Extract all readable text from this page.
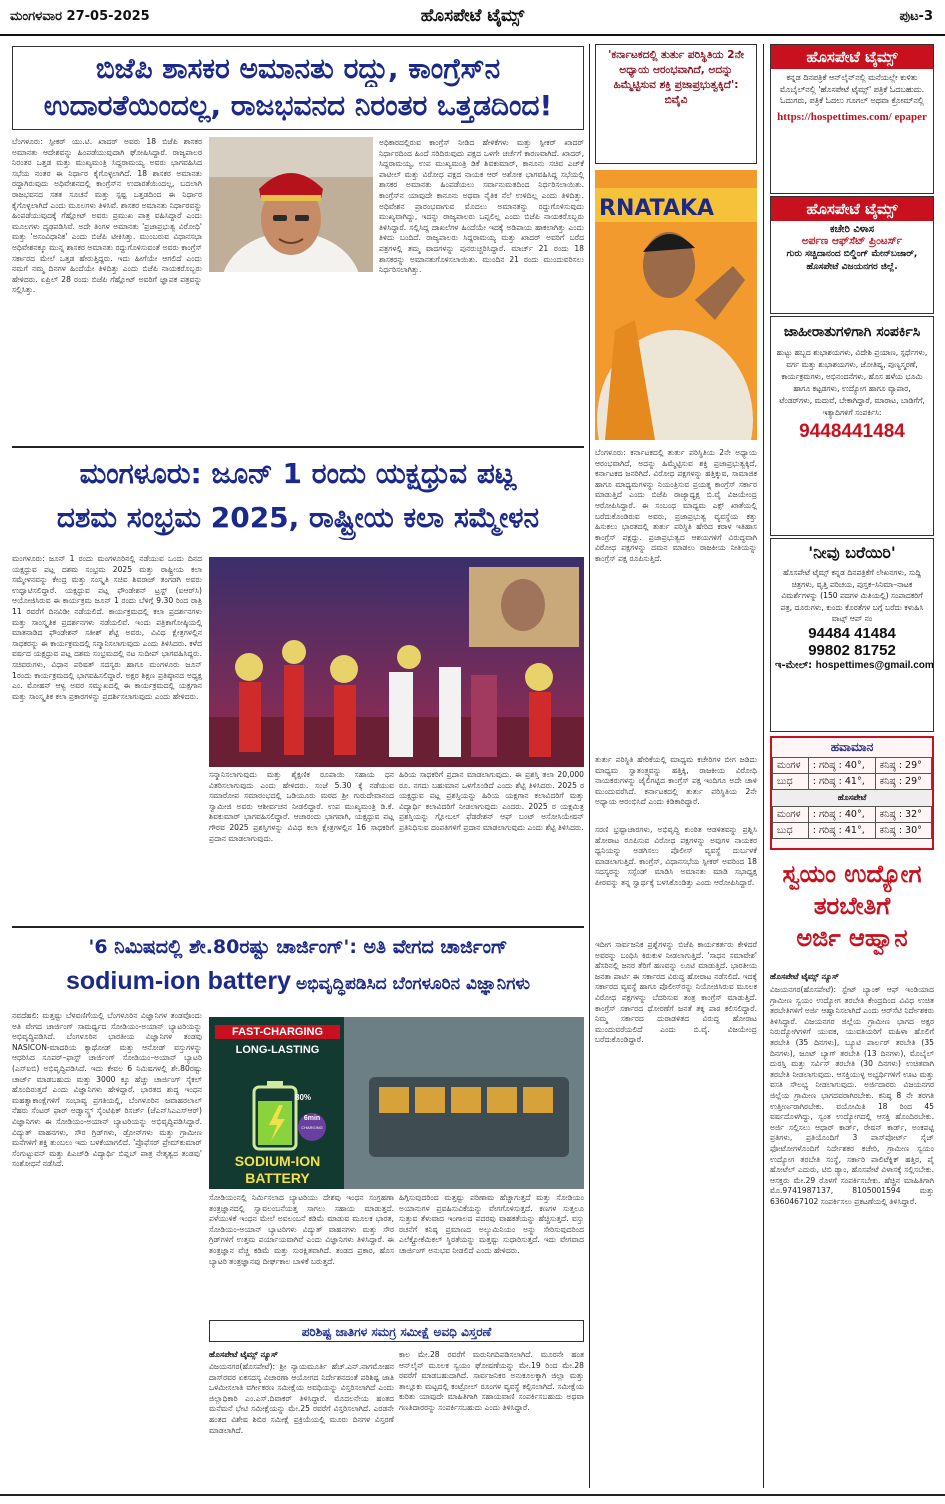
ಮಂಗಳವಾರ 27-05-2025	ಹೊಸಪೇಟೆ ಟೈಮ್ಸ್	ಪುಟ-3
ಬಿಜೆಪಿ ಶಾಸಕರ ಅಮಾನತು ರದ್ದು, ಕಾಂಗ್ರೆಸ್‌ನ
ಉದಾರತೆಯಿಂದಲ್ಲ, ರಾಜಭವನದ ನಿರಂತರ ಒತ್ತಡದಿಂದ!
ಬೆಂಗಳೂರು: ಸ್ಪೀಕರ್ ಯು.ಟಿ. ಖಾದರ್ ಅವರು 18 ಬಿಜೆಪಿ ಶಾಸಕರ ಅಮಾನತು ಆದೇಶವನ್ನು ಹಿಂಪಡೆಯುವುದಾಗಿ ಘೋಷಿಸಿದ್ದಾರೆ. ರಾಜ್ಯಪಾಲರ ನಿರಂತರ ಒತ್ತಡ ಮತ್ತು ಮುಖ್ಯಮಂತ್ರಿ ಸಿದ್ದರಾಮಯ್ಯ ಅವರು ಭಾಗವಹಿಸಿದ ಸಭೆಯ ನಂತರ ಈ ನಿರ್ಧಾರ ಕೈಗೊಳ್ಳಲಾಗಿದೆ. 18 ಶಾಸಕರ ಅಮಾನತು ರದ್ದಾಗಿರುವುದು ಅಧಿವೇಶನದಲ್ಲಿ ಕಾಂಗ್ರೆಸ್‌ನ ಉದಾರತೆಯಿಂದಲ್ಲ, ಬದಲಾಗಿ ರಾಜಭವನದ ಸತತ ಸೂಚನೆ ಮತ್ತು ಸ್ಪಷ್ಟ ಒತ್ತಡದಿಂದ ಈ ನಿರ್ಧಾರ ಕೈಗೊಳ್ಳಲಾಗಿದೆ ಎಂದು ಮೂಲಗಳು ತಿಳಿಸಿವೆ. ಶಾಸಕರ ಅಮಾನತು ನಿರ್ಧಾರವನ್ನು ಹಿಂಪಡೆಯುವುದಕ್ಕೆ ಗೆಹ್ಲೋಟ್ ಅವರು ಪ್ರಮುಖ ಪಾತ್ರ ವಹಿಸಿದ್ದಾರೆ ಎಂದು ಮೂಲಗಳು ದೃಢಪಡಿಸಿವೆ. ಅದೇ ತಿಂಗಳ ಅಮಾನತು 'ಪ್ರಜಾಪ್ರಭುತ್ವ ವಿರೋಧಿ' ಮತ್ತು 'ಅಸಂವಿಧಾನಿಕ' ಎಂದು ಬಿಜೆಪಿ ಟೀಕಿಸಿತ್ತು. ಮುಂಬರುವ ವಿಧಾನಸಭಾ ಅಧಿವೇಶನಕ್ಕೂ ಮುನ್ನ ಶಾಸಕರ ಅಮಾನತು ರದ್ದುಗೊಳಿಸುವಂತೆ ಅವರು ಕಾಂಗ್ರೆಸ್ ಸರ್ಕಾರದ ಮೇಲೆ ಒತ್ತಡ ಹೇರುತ್ತಿದ್ದರು. ಇದು ಹೀಗೆಯೇ ಆಗಲಿದೆ ಎಂದು ನಮಗೆ ನಮ್ಮ ದಿನಗಳ ಹಿಂದೆಯೇ ತಿಳಿದಿತ್ತು ಎಂದು ಬಿಜೆಪಿ ನಾಯಕರೊಬ್ಬರು ಹೇಳಿದರು. ಏಪ್ರಿಲ್ 28 ರಂದು ಬಿಜೆಪಿ ಗೆಹ್ಲೋಟ್ ಅವರಿಗೆ ಜ್ಞಾಪಕ ಪತ್ರವನ್ನು ಸಲ್ಲಿಸಿತ್ತು.
ಅಧಿಕಾರದಲ್ಲಿರುವ ಕಾಂಗ್ರೆಸ್ ನೀಡಿದ ಹೇಳಿಕೆಗಳು ಮತ್ತು ಸ್ಪೀಕರ್ ಖಾದರ್ ನಿರ್ಧಾರದಿಂದ ಹಿಂದೆ ಸರಿದಿರುವುದು ಪಕ್ಷದ ಒಳಗೇ ಚರ್ಚೆಗೆ ಕಾರಣವಾಗಿದೆ. ಖಾದರ್, ಸಿದ್ದರಾಮಯ್ಯ, ಉಪ ಮುಖ್ಯಮಂತ್ರಿ ಡಿಕೆ ಶಿವಕುಮಾರ್, ಕಾನೂನು ಸಚಿವ ಎಚ್‌ಕೆ ಪಾಟೀಲ್ ಮತ್ತು ವಿರೋಧ ಪಕ್ಷದ ನಾಯಕ ಆರ್ ಅಶೋಕ ಭಾಗವಹಿಸಿದ್ದ ಸಭೆಯಲ್ಲಿ ಶಾಸಕರ ಅಮಾನತು ಹಿಂಪಡೆಯಲು ಸರ್ವಾನುಮತದಿಂದ ನಿರ್ಧರಿಸಲಾಯಿತು. ಕಾಂಗ್ರೆಸ್‌ನ ಯಾವುದೇ ಕಾನೂನು ಅಥವಾ ನೈತಿಕ ನೆಲೆ ಉಳಿದಿಲ್ಲ ಎಂದು ತಿಳಿದಿತ್ತು. ಅಧಿವೇಶನ ಪ್ರಾರಂಭವಾಗುವ ಮೊದಲು ಅಮಾನತನ್ನು ರದ್ದುಗೊಳಿಸುವುದು ಮುಖ್ಯವಾಗಿದ್ದು, ಇದನ್ನು ರಾಜ್ಯಪಾಲರು ಒಪ್ಪಲಿಲ್ಲ ಎಂದು ಬಿಜೆಪಿ ನಾಯಕರೊಬ್ಬರು ತಿಳಿಸಿದ್ದಾರೆ. ಸಲ್ಲಿಸಿದ್ದ ದಾಖಲೆಗಳ ಹಿಂದೆಯೇ ಇದಕ್ಕೆ ಅಡಿಪಾಯ ಹಾಕಲಾಗಿತ್ತು ಎಂದು ತಿಳಿದು ಬಂದಿದೆ. ರಾಜ್ಯಪಾಲರು ಸಿದ್ದರಾಮಯ್ಯ ಮತ್ತು ಖಾದರ್ ಅವರಿಗೆ ಬರೆದ ಪತ್ರಗಳಲ್ಲಿ ತಮ್ಮ ವಾದಗಳನ್ನು ಪುನರುಚ್ಚರಿಸಿದ್ದಾರೆ. ಮಾರ್ಚ್ 21 ರಂದು 18 ಶಾಸಕರನ್ನು ಅಮಾನತುಗೊಳಿಸಲಾಯಿತು. ಮುಂದಿನ 21 ರಂದು ಮುಂದುವರಿಸಲು ನಿರ್ಧರಿಸಲಾಗಿತ್ತು.
'ಕರ್ನಾಟಕದಲ್ಲಿ ತುರ್ತು ಪರಿಸ್ಥಿತಿಯ 2ನೇ ಅಧ್ಯಾಯ ಆರಂಭವಾಗಿದೆ, ಅದನ್ನು ಹಿಮ್ಮೆಟ್ಟಿಸುವ ಶಕ್ತಿ ಪ್ರಜಾಪ್ರಭುತ್ವಕ್ಕಿದೆ': ಬಿವೈವಿ
RNATAKA
ಬೆಂಗಳೂರು: ಕರ್ನಾಟಕದಲ್ಲಿ ತುರ್ತು ಪರಿಸ್ಥಿತಿಯ 2ನೇ ಅಧ್ಯಾಯ ಆರಂಭವಾಗಿದೆ, ಅದನ್ನು ಹಿಮ್ಮೆಟ್ಟಿಸುವ ಶಕ್ತಿ ಪ್ರಜಾಪ್ರಭುತ್ವಕ್ಕಿದೆ, ಕರ್ನಾಟಕದ ಜನರಿಗಿದೆ. ವಿರೋಧ ಪಕ್ಷಗಳನ್ನು ಹತ್ತಿಕ್ಕುವ, ಸಾಮಾಜಿಕ ಹಾಗೂ ಮಾಧ್ಯಮಗಳನ್ನು ನಿಯಂತ್ರಿಸುವ ಪ್ರಯತ್ನ ಕಾಂಗ್ರೆಸ್ ಸರ್ಕಾರ ಮಾಡುತ್ತಿದೆ ಎಂದು ಬಿಜೆಪಿ ರಾಜ್ಯಾಧ್ಯಕ್ಷ ಬಿ.ವೈ ವಿಜಯೇಂದ್ರ ಆರೋಪಿಸಿದ್ದಾರೆ. ಈ ಸಂಬಂಧ ಮಾಧ್ಯಮ ಎಕ್ಸ್ ಖಾತೆಯಲ್ಲಿ ಬರೆದುಕೊಂಡಿರುವ ಅವರು, ಪ್ರಜಾಪ್ರಭುತ್ವ ವ್ಯವಸ್ಥೆಯ ಕತ್ತು ಹಿಸುಕಲು ಭಾರತದಲ್ಲಿ ತುರ್ತು ಪರಿಸ್ಥಿತಿ ಹೇರಿದ ಕರಾಳ ಇತಿಹಾಸ ಕಾಂಗ್ರೆಸ್ ಪಕ್ಷದ್ದು. ಪ್ರಜಾಪ್ರಭುತ್ವದ ಆಶಯಗಳಿಗೆ ವಿರುದ್ಧವಾಗಿ ವಿರೋಧ ಪಕ್ಷಗಳನ್ನು ದಮನ ಮಾಡಲು ರಾಜಕೀಯ ನೀತಿಯನ್ನು ಕಾಂಗ್ರೆಸ್ ಪಕ್ಷ ರೂಪಿಸುತ್ತಿದೆ.
ತುರ್ತು ಪರಿಸ್ಥಿತಿ ಹೇರಿಕೆಯಲ್ಲಿ ಮಾಧ್ಯಮ ಕಚೇರಿಗಳ ಬೀಗ ಜಡಿದು ಮಾಧ್ಯಮ ಸ್ವಾತಂತ್ರ್ಯವನ್ನು ಹತ್ತಿಕ್ಕಿ, ರಾಜಕೀಯ ವಿರೋಧಿ ನಾಯಕರುಗಳನ್ನು ಜೈಲಿಗಟ್ಟಿದ ಕಾಂಗ್ರೆಸ್ ಪಕ್ಷ ಇಂದಿಗೂ ಅದೇ ಚಾಳಿ ಮುಂದುವರೆಸಿದೆ. ಕರ್ನಾಟಕದಲ್ಲಿ ತುರ್ತು ಪರಿಸ್ಥಿತಿಯ 2ನೇ ಅಧ್ಯಾಯ ಆರಂಭಿಸಿದೆ ಎಂದು ಕಿಡಿಕಾರಿದ್ದಾರೆ.
ಸರಣಿ ಭ್ರಷ್ಟಾಚಾರಗಳು, ಅಭಿವೃದ್ಧಿ ಕುಂಠಿತ ಆಡಳಿತವನ್ನು ಪ್ರಶ್ನಿಸಿ ಹೋರಾಟ ರೂಪಿಸುವ ವಿರೋಧ ಪಕ್ಷಗಳನ್ನು ಅವುಗಳ ನಾಯಕರ ಧ್ವನಿಯನ್ನು ಅಡಗಿಸಲು ಪೊಲೀಸ್ ವ್ಯವಸ್ಥೆ ದುರ್ಬಳಕೆ ಮಾಡಲಾಗುತ್ತಿದೆ. ಕಾಂಗ್ರೆಸ್, ವಿಧಾನಸಭೆಯ ಸ್ಪೀಕರ್ ಅವರಿಂದ 18 ಸದಸ್ಯರನ್ನು ಸಸ್ಪೆಂಡ್ ಮಾಡಿಸಿ ಅಮಾನತು ಮಾಡಿ ಸಭಾಧ್ಯಕ್ಷ ಪೀಠವನ್ನು ತನ್ನ ಸ್ವಾರ್ಥಕ್ಕೆ ಬಳಸಿಕೊಂಡಿತ್ತು ಎಂದು ಆರೋಪಿಸಿದ್ದಾರೆ.
ಇದೀಗ ಸಾರ್ವಜನಿಕ ಪ್ರಶ್ನೆಗಳನ್ನು ಬಿಜೆಪಿ ಕಾರ್ಯಕರ್ತರು ಕೇಳಿದರೆ ಅವರನ್ನು ಬಂಧಿಸಿ ಕಿರುಕುಳ ನೀಡಲಾಗುತ್ತಿದೆ. 'ಸಾಧನ ಸಮಾವೇಶ' ಹೆಸರಿನಲ್ಲಿ ಜನರ ತೆರಿಗೆ ಹಣವನ್ನು ಲೂಟಿ ಮಾಡುತ್ತಿದೆ. ಭಾರತೀಯ ಜನತಾ ಪಾರ್ಟಿ ಈ ಸರ್ಕಾರದ ವಿರುದ್ಧ ಹೋರಾಟ ನಡೆಸಲಿದೆ. ಇದಕ್ಕೆ ಸರ್ಕಾರದ ವ್ಯವಸ್ಥೆ ಹಾಗೂ ಪೊಲೀಸ್‌ರನ್ನು ನಿಯೋಜಿಸಿರುವ ಮೂಲಕ ವಿರೋಧ ಪಕ್ಷಗಳನ್ನು ಬೆದರಿಸುವ ತಂತ್ರ ಕಾಂಗ್ರೆಸ್ ಮಾಡುತ್ತಿದೆ. ಕಾಂಗ್ರೆಸ್ ಸರ್ಕಾರದ ಧೋರಣೆಗೆ ಜನತೆ ತಕ್ಕ ಪಾಠ ಕಲಿಸಲಿದ್ದಾರೆ. ನಿಮ್ಮ ಸರ್ಕಾರದ ದುರಾಡಳಿತದ ವಿರುದ್ಧ ಹೋರಾಟ ಮುಂದುವರೆಯಲಿದೆ ಎಂದು ಬಿ.ವೈ. ವಿಜಯೇಂದ್ರ ಬರೆದುಕೊಂಡಿದ್ದಾರೆ.
ಹೊಸಪೇಟೆ ಟೈಮ್ಸ್
ಕನ್ನಡ ದಿನಪತ್ರಿಕೆ ಆನ್‌ಲೈನ್‌ನಲ್ಲಿ ಮನೆಯಲ್ಲೇ ಕುಳಿತು ಮೊಬೈಲ್‌ನಲ್ಲಿ 'ಹೊಸಪೇಟೆ ಟೈಮ್ಸ್' ಪತ್ರಿಕೆ ಓದಬಹುದು. ಓದುಗರು, ಪತ್ರಿಕೆ ಓದಲು ಗೂಗಲ್ ಅಥವಾ ಕ್ರೋಮ್‌ನಲ್ಲಿ
https://hospettimes.com/ epaper
ಹೊಸಪೇಟೆ ಟೈಮ್ಸ್
ಕಚೇರಿ ವಿಳಾಸ
ಅರ್ಪಣ ಆಫ್‌ಸೆಟ್ ಪ್ರಿಂಟರ್ಸ್
ಗುರು ಸಚ್ಚಿದಾನಂದ ಬಿಲ್ಡಿಂಗ್ ಮೇನ್‌ಬಜಾರ್, ಹೊಸಪೇಟೆ ವಿಜಯನಗರ ಜಿಲ್ಲೆ.
ಜಾಹೀರಾತುಗಳಿಗಾಗಿ ಸಂಪರ್ಕಿಸಿ
ಹುಟ್ಟು ಹಬ್ಬದ ಶುಭಾಶಯಗಳು, ವಿದೇಶಿ ಪ್ರಯಾಣ, ಸ್ಪರ್ಧೆಗಳು, ವರ್ಗ ಮತ್ತು ಶುಭಾಶಯಗಳು, ಜೋತಿಷ್ಯ, ಪುಣ್ಯಸ್ಮರಣೆ, ಕಾರ್ಯಕ್ರಮಗಳು, ಅಭಿನಂದನೆಗಳು, ಹೊಸ ಹಳೆಯ ಭೂಮಿ ಹಾಗೂ ಕಟ್ಟಡಗಳು, ಉದ್ಯೋಗ ಹಾಗೂ ವ್ಯಾಪಾರ, ಟೆಂಡರ್‌ಗಳು, ಮದುವೆ, ಬೇಕಾಗಿದ್ದಾರೆ, ಮಾರಾಟ, ಬಾಡಿಗೆಗೆ, ಇತ್ಯಾದಿಗಳಿಗೆ ಸಂಪರ್ಕಿಸಿ:
9448441484
'ನೀವು ಬರೆಯಿರಿ'
ಹೊಸಪೇಟೆ ಟೈಮ್ಸ್ ಕನ್ನಡ ದಿನಪತ್ರಿಕೆಗೆ ಲೇಖನಗಳು, ಸುದ್ದಿ ಚಿತ್ರಗಳು, ವೃತ್ತಿ ಪರಿಚಯ, ಪುಸ್ತಕ–ಸಿನಿಮಾ–ನಾಟಕ ವಿಮರ್ಶೆಗಳನ್ನು (150 ಪದಗಳ ಮಿತಿಯಲ್ಲಿ) ಸಂಪಾದಕರಿಗೆ ಪತ್ರ, ದೂರುಗಳು, ಕುಂದು ಕೊರತೆಗಳ ಬಗ್ಗೆ ಬರೆದು ಕಳುಹಿಸಿ ವಾಟ್ಸ್ ಆಪ್ ನಂ
94484 41484
99802 81752
ಇ-ಮೇಲ್: hospettimes@gmail.com
ಹವಾಮಾನ
ಮಂಗಳ	: ಗರಿಷ್ಠ : 40°,	ಕನಿಷ್ಠ : 29°
ಬುಧ	: ಗರಿಷ್ಠ : 41°,	ಕನಿಷ್ಠ : 29°
ಹೊಸಪೇಟೆ
ಮಂಗಳ	: ಗರಿಷ್ಠ : 40°,	ಕನಿಷ್ಠ : 32°
ಬುಧ	: ಗರಿಷ್ಠ : 41°,	ಕನಿಷ್ಠ : 30°
ಸ್ವಯಂ ಉದ್ಯೋಗ
ತರಬೇತಿಗೆ
ಅರ್ಜಿ ಆಹ್ವಾನ
ಹೊಸಪೇಟೆ ಟೈಮ್ಸ್ ನ್ಯೂಸ್
ವಿಜಯನಗರ(ಹೊಸಪೇಟೆ): ಸ್ಟೇಟ್ ಬ್ಯಾಂಕ್ ಆಫ್ ಇಂಡಿಯಾದ ಗ್ರಾಮೀಣ ಸ್ವಯಂ ಉದ್ಯೋಗ ತರಬೇತಿ ಕೇಂದ್ರದಿಂದ ವಿವಿಧ ಉಚಿತ ತರಬೇತಿಗಳಿಗೆ ಅರ್ಜಿ ಆಹ್ವಾನಿಸಲಾಗಿದೆ ಎಂದು ಆರ್‌ಸೆಟಿ ನಿರ್ದೇಶಕರು ತಿಳಿಸಿದ್ದಾರೆ. ವಿಜಯನಗರ ಜಿಲ್ಲೆಯ ಗ್ರಾಮೀಣ ಭಾಗದ ಅಕ್ಷರ ನಿರುದ್ಯೋಗಿಗಳಿಗೆ ಯುವಕ, ಯುವತಿಯರಿಗೆ ಮಹಿಳಾ ಹೊಲಿಗೆ ತರಬೇತಿ (35 ದಿನಗಳು), ಬ್ಯೂಟಿ ಪಾರ್ಲರ್ ತರಬೇತಿ (35 ದಿನಗಳು), ಜೂಟ್ ಬ್ಯಾಗ್ ತರಬೇತಿ (13 ದಿನಗಳು), ಮೊಬೈಲ್ ದುರಸ್ತಿ ಮತ್ತು ಸರ್ವಿಸ್ ತರಬೇತಿ (30 ದಿನಗಳು) ಉಚಿತವಾಗಿ ತರಬೇತಿ ನೀಡಲಾಗುವುದು. ಆಸಕ್ತಿಯುಳ್ಳ ಅಭ್ಯರ್ಥಿಗಳಿಗೆ ಊಟ ಮತ್ತು ವಸತಿ ಸೌಲಭ್ಯ ನೀಡಲಾಗುವುದು. ಅರ್ಜಿದಾರರು ವಿಜಯನಗರ ಜಿಲ್ಲೆಯ ಗ್ರಾಮೀಣ ಭಾಗದವರಾಗಿರಬೇಕು. ಕನಿಷ್ಠ 8 ನೇ ತರಗತಿ ಉತ್ತೀರ್ಣರಾಗಿರಬೇಕು. ವಯೋಮಿತಿ 18 ರಿಂದ 45 ವರ್ಷದೊಳಗಿದ್ದು, ಸ್ವಂತ ಉದ್ಯೋಗದಲ್ಲಿ ಆಸಕ್ತಿ ಹೊಂದಿರಬೇಕು. ಅರ್ಜಿ ಸಲ್ಲಿಸಲು ಆಧಾರ್ ಕಾರ್ಡ್, ರೇಷನ್ ಕಾರ್ಡ್, ಅಂಕಪಟ್ಟಿ ಪ್ರತಿಗಳು, ಪ್ರತಿಯೊಂದಿಗೆ 3 ಪಾಸ್‌ಪೋರ್ಟ್ ಸೈಜ್ ಫೋಟೋಗಳೊಂದಿಗೆ ನಿರ್ದೇಶಕರ ಕಚೇರಿ, ಗ್ರಾಮೀಣ ಸ್ವಯಂ ಉದ್ಯೋಗ ತರಬೇತಿ ಸಂಸ್ಥೆ, ಸರ್ಕಾರಿ ಪಾಲಿಟೆಕ್ನಿಕ್ ಹತ್ತಿರ, ಪೈ ಹೋಟೆಲ್ ಎದುರು, ಟಿಬಿ ಡ್ಯಾಂ, ಹೊಸಪೇಟೆ ವಿಳಾಸಕ್ಕೆ ಸಲ್ಲಿಸಬೇಕು. ಆಸಕ್ತರು ಮೇ.29 ರೊಳಗೆ ಸಂಪರ್ಕಿಸಬೇಕು. ಹೆಚ್ಚಿನ ಮಾಹಿತಿಗಾಗಿ ಮೊ.9741987137, 8105001594 ಮತ್ತು 6360467102 ಸಂಪರ್ಕಿಸಲು ಪ್ರಕಟಣೆಯಲ್ಲಿ ತಿಳಿಸಿದ್ದಾರೆ.
ಮಂಗಳೂರು: ಜೂನ್ 1 ರಂದು ಯಕ್ಷಧ್ರುವ ಪಟ್ಲ
ದಶಮ ಸಂಭ್ರಮ 2025, ರಾಷ್ಟ್ರೀಯ ಕಲಾ ಸಮ್ಮೇಳನ
ಮಂಗಳೂರು: ಜೂನ್ 1 ರಂದು ಮಂಗಳೂರಿನಲ್ಲಿ ನಡೆಯುವ ಒಂದು ದಿನದ ಯಕ್ಷಧ್ರುವ ಪಟ್ಲ ದಶಮ ಸಂಭ್ರಮ 2025 ಮತ್ತು ರಾಷ್ಟ್ರೀಯ ಕಲಾ ಸಮ್ಮೇಳನವನ್ನು ಕೇಂದ್ರ ಮತ್ತು ಸಂಸ್ಕೃತಿ ಸಚಿವ ಶಿವರಾಜ್ ತಂಗಡಗಿ ಅವರು ಉದ್ಘಾಟಿಸಲಿದ್ದಾರೆ. ಯಕ್ಷಧ್ರುವ ಪಟ್ಲ ಫೌಂಡೇಶನ್ ಟ್ರಸ್ಟ್ (ಐಆರ್‌ಸಿ) ಆಯೋಜಿಸಿರುವ ಈ ಕಾರ್ಯಕ್ರಮ ಜೂನ್ 1 ರಂದು ಬೆಳಿಗ್ಗೆ 9.30 ರಿಂದ ರಾತ್ರಿ 11 ರವರೆಗೆ ದಿನವಿಡೀ ನಡೆಯಲಿದೆ. ಕಾರ್ಯಕ್ರಮದಲ್ಲಿ ಕಲಾ ಪ್ರದರ್ಶನಗಳು ಮತ್ತು ಸಾಂಸ್ಕೃತಿಕ ಪ್ರದರ್ಶನಗಳು ನಡೆಯಲಿವೆ. ಇಂದು ಪತ್ರಿಕಾಗೋಷ್ಠಿಯಲ್ಲಿ ಮಾತನಾಡಿದ ಫೌಂಡೇಶನ್ ಸತೀಶ್ ಶೆಟ್ಟಿ ಅವರು, ವಿವಿಧ ಕ್ಷೇತ್ರಗಳಲ್ಲಿನ ಸಾಧಕರನ್ನು ಈ ಕಾರ್ಯಕ್ರಮದಲ್ಲಿ ಸನ್ಮಾನಿಸಲಾಗುವುದು ಎಂದು ತಿಳಿಸಿದರು. ಕಳೆದ ವರ್ಷದ ಯಕ್ಷಧ್ರುವ ಪಟ್ಲ ದಶಮ ಸಂಭ್ರಮದಲ್ಲಿ ನಟ ಸುದೀಪ್ ಭಾಗವಹಿಸಿದ್ದರು. ಸಚಿವರುಗಳು, ವಿಧಾನ ಪರಿಷತ್ ಸದಸ್ಯರು ಹಾಗೂ ಮಂಗಳೂರು ಜೂನ್ 1ರಂದು ಕಾರ್ಯಕ್ರಮದಲ್ಲಿ ಭಾಗವಹಿಸಲಿದ್ದಾರೆ. ಅಕ್ಷರ ಶಿಕ್ಷಣ ಪ್ರತಿಷ್ಠಾನದ ಅಧ್ಯಕ್ಷ ಎಂ. ಮೋಹನ್ ಆಳ್ವ ಅವರ ಸಮ್ಮುಖದಲ್ಲಿ ಈ ಕಾರ್ಯಕ್ರಮದಲ್ಲಿ ಯಕ್ಷಗಾನ ಮತ್ತು ಸಾಂಸ್ಕೃತಿಕ ಕಲಾ ಪ್ರಕಾರಗಳನ್ನು ಪ್ರದರ್ಶಿಸಲಾಗುವುದು ಎಂದು ಹೇಳಿದರು.
ಸನ್ಮಾನಿಸಲಾಗುವುದು ಮತ್ತು ಶೈಕ್ಷಣಿಕ ರೂಪಾಯಿ ಸಹಾಯ ಧನ ವಿತರಿಸಲಾಗುವುದು ಎಂದು ಹೇಳಿದರು. ಸಂಜೆ 5.30 ಕ್ಕೆ ನಡೆಯುವ ಸಮಾರೋಪ ಸಮಾರಂಭದಲ್ಲಿ ಒಡಿಯೂರು ಮಠದ ಶ್ರೀ ಗುರುದೇವಾನಂದ ಸ್ವಾಮೀಜಿ ಅವರು ಆಶೀರ್ವಚನ ನೀಡಲಿದ್ದಾರೆ. ಉಪ ಮುಖ್ಯಮಂತ್ರಿ ಡಿ.ಕೆ. ಶಿವಕುಮಾರ್ ಭಾಗವಹಿಸಲಿದ್ದಾರೆ. ಆಚಾರಂದು ಭಾಗವಾಗಿ, ಯಕ್ಷಧ್ರುವ ಪಟ್ಲ ಗೌರವ 2025 ಪ್ರಶಸ್ತಿಗಳನ್ನು ವಿವಿಧ ಕಲಾ ಕ್ಷೇತ್ರಗಳಲ್ಲಿನ 16 ಸಾಧಕರಿಗೆ ಪ್ರದಾನ ಮಾಡಲಾಗುವುದು.
ಹಿರಿಯ ಸಾಧಕರಿಗೆ ಪ್ರದಾನ ಮಾಡಲಾಗುವುದು. ಈ ಪ್ರಶಸ್ತಿ ತಲಾ 20,000 ರೂ. ನಗದು ಬಹುಮಾನ ಒಳಗೊಂಡಿದೆ ಎಂದು ಶೆಟ್ಟಿ ತಿಳಿಸಿದರು. 2025 ರ ಯಕ್ಷಧ್ರುವ ಪಟ್ಲ ಪ್ರಶಸ್ತಿಯನ್ನು ಹಿರಿಯ ಯಕ್ಷಗಾನ ಕಲಾವಿದರಿಗೆ ಮತ್ತು ವಿದ್ಯಾರ್ಥಿ ಕಲಾವಿದರಿಗೆ ನೀಡಲಾಗುವುದು ಎಂದರು. 2025 ರ ಯಕ್ಷಮಿತ್ರ ಪ್ರಶಸ್ತಿಯನ್ನು ಗ್ಲೋಬಲ್ ಫೆಡರೇಶನ್ ಆಫ್ ಬಂಟ್ ಅಸೋಸಿಯೇಷನ್ ಪ್ರತಿನಿಧಿಸುವ ದಂಪತಿಗಳಿಗೆ ಪ್ರದಾನ ಮಾಡಲಾಗುವುದು ಎಂದು ಶೆಟ್ಟಿ ತಿಳಿಸಿದರು.
'6 ನಿಮಿಷದಲ್ಲಿ ಶೇ.80ರಷ್ಟು ಚಾರ್ಜಿಂಗ್': ಅತಿ ವೇಗದ ಚಾರ್ಜಿಂಗ್
sodium-ion battery ಅಭಿವೃದ್ಧಿಪಡಿಸಿದ ಬೆಂಗಳೂರಿನ ವಿಜ್ಞಾನಿಗಳು
ನವದೆಹಲಿ: ಮತ್ತಷ್ಟು ಬೆಳವಣಿಗೆಯಲ್ಲಿ ಬೆಂಗಳೂರಿನ ವಿಜ್ಞಾನಿಗಳ ತಂಡವೊಂದು ಅತಿ ವೇಗದ ಚಾರ್ಜಿಂಗ್ ಸಾಮರ್ಥ್ಯದ ಸೋಡಿಯಂ-ಅಯಾನ್ ಬ್ಯಾಟರಿಯನ್ನು ಅಭಿವೃದ್ಧಿಪಡಿಸಿದೆ. ಬೆಂಗಳೂರಿನ ಭಾರತೀಯ ವಿಜ್ಞಾನಿಗಳ ತಂಡವು NASICON-ಮಾದರಿಯ ಕ್ಯಾಥೋಡ್ ಮತ್ತು ಆನೋಡ್ ವಸ್ತುಗಳನ್ನು ಆಧರಿಸಿದ ಸೂಪರ್–ಫಾಸ್ಟ್ ಚಾರ್ಜಿಂಗ್ ಸೋಡಿಯಂ–ಅಯಾನ್ ಬ್ಯಾಟರಿ (ಎಸ್‌ಐಬಿ) ಅಭಿವೃದ್ಧಿಪಡಿಸಿದೆ. ಇದು ಕೇವಲ 6 ನಿಮಿಷಗಳಲ್ಲಿ ಶೇ.80ರಷ್ಟು ಚಾರ್ಜ್ ಮಾಡಬಹುದು ಮತ್ತು 3000 ಕ್ಕೂ ಹೆಚ್ಚು ಚಾರ್ಜಿಂಗ್ ಸೈಕಲ್ ಹೊಂದಿರುತ್ತದೆ ಎಂದು ವಿಜ್ಞಾನಿಗಳು ಹೇಳಿದ್ದಾರೆ. ಭಾರತದ ಶುದ್ಧ ಇಂಧನ ಮಹತ್ವಾಕಾಂಕ್ಷೆಗಳಿಗೆ ಸಂಭಾವ್ಯ ಪ್ರಗತಿಯಲ್ಲಿ, ಬೆಂಗಳೂರಿನ ಜವಾಹರಲಾಲ್ ನೆಹರು ಸೆಂಟರ್ ಫಾರ್ ಅಡ್ವಾನ್ಸ್ಡ್ ಸೈಂಟಿಫಿಕ್ ರಿಸರ್ಚ್ (ಜೆಎನ್‌ಸಿಎಎಸ್‌ಆರ್) ವಿಜ್ಞಾನಿಗಳು ಈ ಸೋಡಿಯಂ-ಅಯಾನ್ ಬ್ಯಾಟರಿಯನ್ನು ಅಭಿವೃದ್ಧಿಪಡಿಸಿದ್ದಾರೆ. ವಿದ್ಯುತ್ ವಾಹನಗಳು, ಸೌರ ಗ್ರಿಡ್‌ಗಳು, ಡ್ರೋನ್‌ಗಳು ಮತ್ತು ಗ್ರಾಮೀಣ ಮನೆಗಳಿಗೆ ಶಕ್ತಿ ತುಂಬಲು ಇದು ಬಳಕೆಯಾಗಲಿದೆ. 'ಪ್ರೊಫೆಸರ್ ಪ್ರೇಮ್‌ಕುಮಾರ್ ಸೆಂಗುಟ್ಟುವನ್ ಮತ್ತು ಪಿಎಚ್‌ಡಿ ವಿದ್ಯಾರ್ಥಿ ಬಿಪ್ಲಬ್ ಪಾತ್ರ ನೇತೃತ್ವದ ತಂಡವು' ಸಂಶೋಧನೆ ನಡೆಸಿದೆ.
FAST-CHARGING
LONG-LASTING
80%
6min
CHARGING
SODIUM-ION
BATTERY
ಸೋಡಿಯಂನಲ್ಲಿ ನಿರ್ಮಿಸಲಾದ ಬ್ಯಾಟರಿಯು ದೇಶವು ಇಂಧನ ಸಂಗ್ರಹಣಾ ತಂತ್ರಜ್ಞಾನದಲ್ಲಿ ಸ್ವಾವಲಂಬನೆಯತ್ತ ಸಾಗಲು ಸಹಾಯ ಮಾಡುತ್ತದೆ. ಪಳೆಯುಳಿಕೆ ಇಂಧನ ಮೇಲೆ ಅವಲಂಬನೆ ಕಡಿಮೆ ಮಾಡುವ ಮೂಲಕ ಭಾರತ, ಸೋಡಿಯಂ-ಅಯಾನ್ ಬ್ಯಾಟರಿಗಳು ವಿದ್ಯುತ್ ವಾಹನಗಳು ಮತ್ತು ಸೌರ ಗ್ರಿಡ್‌ಗಳಿಗೆ ಉತ್ತಮ ಪರ್ಯಾಯವಾಗಿವೆ ಎಂದು ವಿಜ್ಞಾನಿಗಳು ತಿಳಿಸಿದ್ದಾರೆ. ಈ ತಂತ್ರಜ್ಞಾನ ವೆಚ್ಚ ಕಡಿಮೆ ಮತ್ತು ಸುರಕ್ಷಿತವಾಗಿದೆ. ತಂಡದ ಪ್ರಕಾರ, ಹೊಸ ಬ್ಯಾಟರಿ ತಂತ್ರಜ್ಞಾನವು ದೀರ್ಘಕಾಲ ಬಾಳಿಕೆ ಬರುತ್ತದೆ.
ಹಿಗ್ಗಿಸುವುದರಿಂದ ಮತ್ತಷ್ಟು ಪರಿಣಾಮ ಹೆಚ್ಚಾಗುತ್ತದೆ ಮತ್ತು ಸೋಡಿಯಂ ಅಯಾನುಗಳ ಪ್ರವಹಿಸುವಿಕೆಯನ್ನು ವೇಗಗೊಳಿಸುತ್ತದೆ. ಕಣಗಳ ಸುತ್ತಲೂ ಸುತ್ತುವ ತೆಳುವಾದ ಇಂಗಾಲದ ಪದರವು ವಾಹಕತೆಯನ್ನು ಹೆಚ್ಚಿಸುತ್ತದೆ. ವಸ್ತು ರಚನೆಗೆ ಕನಿಷ್ಠ ಪ್ರಮಾಣದ ಅಲ್ಯುಮಿನಿಯಂ ಅನ್ನು ಸೇರಿಸುವುದರಿಂದ ಎಲೆಕ್ಟ್ರೋಕೆಮಿಕಲ್ ಸ್ಥಿರತೆಯನ್ನು ಮತ್ತಷ್ಟು ಸುಧಾರಿಸುತ್ತದೆ. ಇದು ವೇಗವಾದ ಚಾರ್ಜಿಂಗ್ ಅನುಭವ ನೀಡಲಿದೆ ಎಂದು ಹೇಳಿದರು.
ಪರಿಶಿಷ್ಟ ಜಾತಿಗಳ ಸಮಗ್ರ ಸಮೀಕ್ಷೆ ಅವಧಿ ವಿಸ್ತರಣೆ
ಹೊಸಪೇಟೆ ಟೈಮ್ಸ್ ನ್ಯೂಸ್
ವಿಜಯನಗರ(ಹೊಸಪೇಟೆ): ಶ್ರೀ ನ್ಯಾಯಮೂರ್ತಿ ಹೆಚ್.ಎನ್.ನಾಗಮೋಹನ ದಾಸ್‌ರವರ ಏಕಸದಸ್ಯ ವಿಚಾರಣಾ ಆಯೋಗದ ನಿರ್ದೇಶನದಂತೆ ಪರಿಶಿಷ್ಟ ಜಾತಿ ಒಳಮೀಸಲಾತಿ ವರ್ಗೀಕರಣ ಸಮೀಕ್ಷೆಯ ಅವಧಿಯನ್ನು ವಿಸ್ತರಿಸಲಾಗಿದೆ ಎಂದು ಜಿಲ್ಲಾಧಿಕಾರಿ ಎಂ.ಎಸ್.ದಿವಾಕರ್ ತಿಳಿಸಿದ್ದಾರೆ. ಮೊದಲನೇಯ ಹಂತದ ಮನೆಮನೆ ಭೇಟಿ ಸಮೀಕ್ಷೆಯನ್ನು ಮೇ.25 ರವರೆಗೆ ವಿಸ್ತರಿಸಲಾಗಿದೆ. ಎರಡನೇ ಹಂತದ ವಿಶೇಷ ಶಿಬಿರ ಸಮೀಕ್ಷೆ ಪ್ರಕ್ರಿಯೆಯಲ್ಲಿ ಮೂರು ದಿನಗಳ ವಿಸ್ತರಣೆ ಮಾಡಲಾಗಿದೆ.
ಕಾಲ ಮೇ.28 ರವರೆಗೆ ಮರುನಿಗದಿಪಡಿಸಲಾಗಿದೆ. ಮೂರನೇ ಹಂತ ಆನ್‌ಲೈನ್ ಮೂಲಕ ಸ್ವಯಂ ಘೋಷಣೆಯನ್ನು ಮೇ.19 ರಿಂದ ಮೇ.28 ರವರೆಗೆ ಮಾಡಬಹುದಾಗಿದೆ. ಸಾರ್ವಜನಿಕರ ಅನುಕೂಲಕ್ಕಾಗಿ ಜಿಲ್ಲಾ ಮತ್ತು ತಾಲ್ಲೂಕು ಮಟ್ಟದಲ್ಲಿ ಕಂಟ್ರೋಲ್ ರೂಂಗಳ ವ್ಯವಸ್ಥೆ ಕಲ್ಪಿಸಲಾಗಿದೆ. ಸಮೀಕ್ಷೆಯ ಕುರಿತು ಯಾವುದೇ ಮಾಹಿತಿಗಾಗಿ ಸಹಾಯವಾಣಿ ಸಂಪರ್ಕಿಸಬಹುದು ಅಥವಾ ಗಣತಿದಾರರನ್ನು ಸಂಪರ್ಕಿಸಬಹುದು ಎಂದು ತಿಳಿಸಿದ್ದಾರೆ.
